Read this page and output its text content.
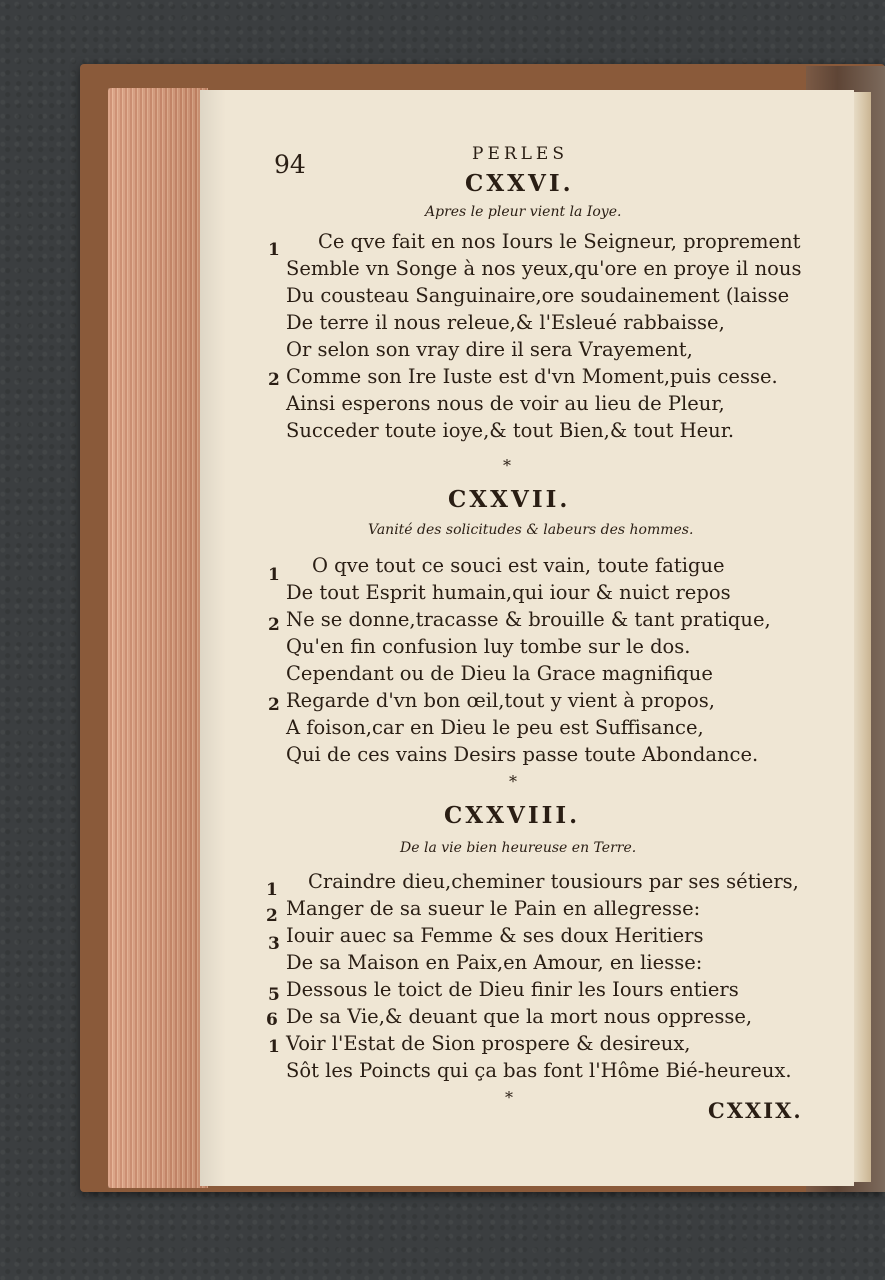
94	PERLES
CXXVI.
Apres le pleur vient la Ioye.
1 Ce qve fait en nos Iours le Seigneur, proprement
Semble vn Songe à nos yeux,qu'ore en proye il nous
Du cousteau Sanguinaire,ore soudainement (laisse
De terre il nous releue,& l'Esleué rabbaisse,
Or selon son vray dire il sera Vrayement,
2 Comme son Ire Iuste est d'vn Moment,puis cesse.
Ainsi esperons nous de voir au lieu de Pleur,
Succeder toute ioye,& tout Bien,& tout Heur.
*
CXXVII.
Vanité des solicitudes & labeurs des hommes.
1 O qve tout ce souci est vain, toute fatigue
De tout Esprit humain,qui iour & nuict repos
2 Ne se donne,tracasse & brouille & tant pratique,
Qu'en fin confusion luy tombe sur le dos.
Cependant ou de Dieu la Grace magnifique
2 Regarde d'vn bon œil,tout y vient à propos,
A foison,car en Dieu le peu est Suffisance,
Qui de ces vains Desirs passe toute Abondance.
*
CXXVIII.
De la vie bien heureuse en Terre.
1 Craindre dieu,cheminer tousiours par ses sétiers,
2 Manger de sa sueur le Pain en allegresse:
3 Iouir auec sa Femme & ses doux Heritiers
De sa Maison en Paix,en Amour, en liesse:
5 Dessous le toict de Dieu finir les Iours entiers
6 De sa Vie,& deuant que la mort nous oppresse,
1 Voir l'Estat de Sion prospere & desireux,
Sôt les Poincts qui ça bas font l'Hôme Bié-heureux.
*
CXXIX.
